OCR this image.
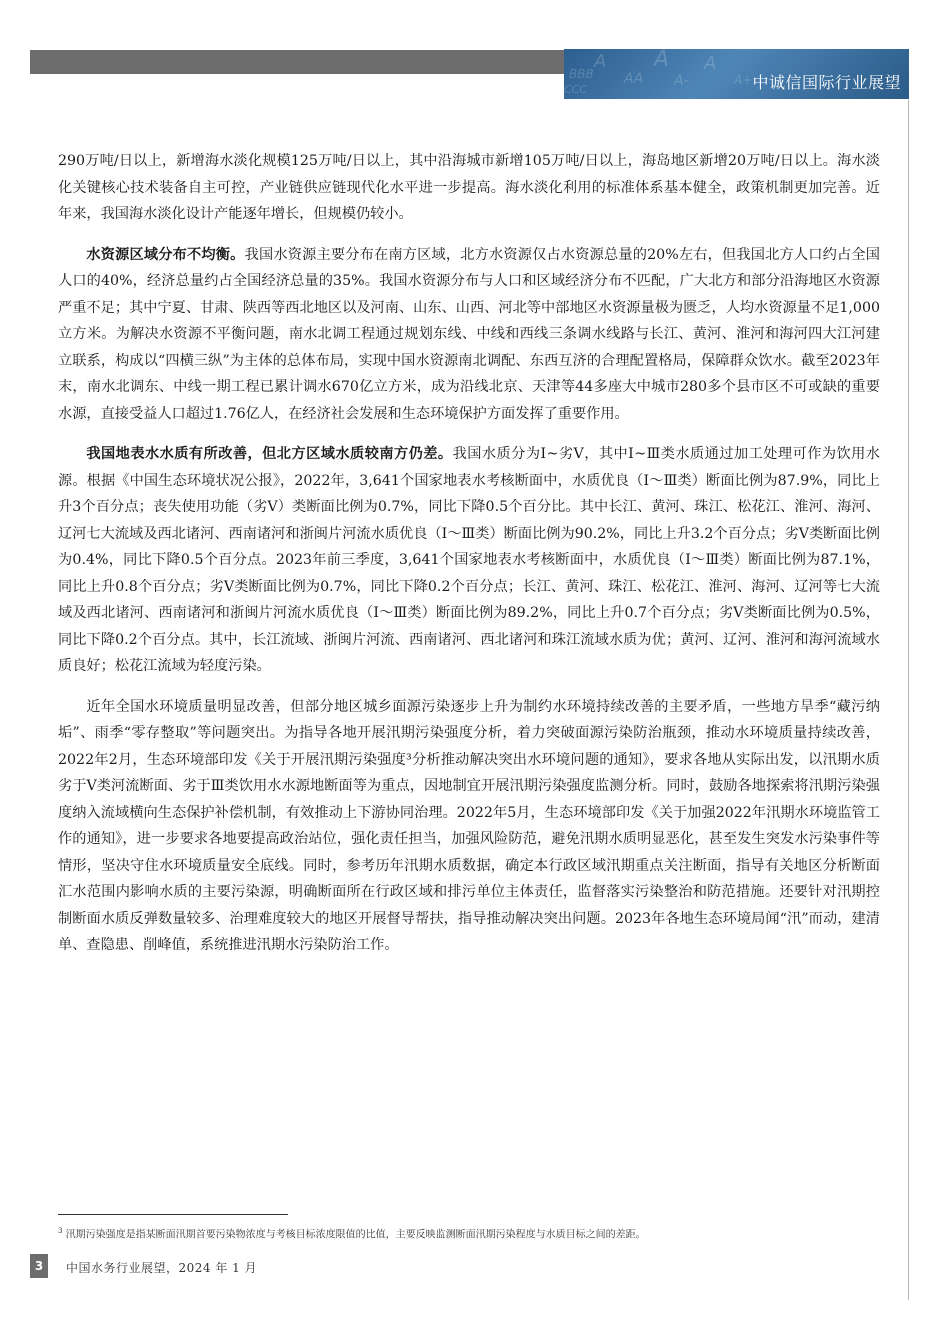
A A A
BBB AA A-
CCC
A+ 中诚信国际行业展望

290万吨/日以上，新增海水淡化规模125万吨/日以上，其中沿海城市新增105万吨/日以上，海岛地区新增20万吨/日以上。海水淡化关键核心技术装备自主可控，产业链供应链现代化水平进一步提高。海水淡化利用的标准体系基本健全，政策机制更加完善。近年来，我国海水淡化设计产能逐年增长，但规模仍较小。

水资源区域分布不均衡。我国水资源主要分布在南方区域，北方水资源仅占水资源总量的20%左右，但我国北方人口约占全国人口的40%，经济总量约占全国经济总量的35%。我国水资源分布与人口和区域经济分布不匹配，广大北方和部分沿海地区水资源严重不足；其中宁夏、甘肃、陕西等西北地区以及河南、山东、山西、河北等中部地区水资源量极为匮乏，人均水资源量不足1,000立方米。为解决水资源不平衡问题，南水北调工程通过规划东线、中线和西线三条调水线路与长江、黄河、淮河和海河四大江河建立联系，构成以“四横三纵”为主体的总体布局，实现中国水资源南北调配、东西互济的合理配置格局，保障群众饮水。截至2023年末，南水北调东、中线一期工程已累计调水670亿立方米，成为沿线北京、天津等44多座大中城市280多个县市区不可或缺的重要水源，直接受益人口超过1.76亿人，在经济社会发展和生态环境保护方面发挥了重要作用。

我国地表水水质有所改善，但北方区域水质较南方仍差。我国水质分为Ⅰ~劣Ⅴ，其中Ⅰ~Ⅲ类水质通过加工处理可作为饮用水源。根据《中国生态环境状况公报》，2022年，3,641个国家地表水考核断面中，水质优良（Ⅰ～Ⅲ类）断面比例为87.9%，同比上升3个百分点；丧失使用功能（劣Ⅴ）类断面比例为0.7%，同比下降0.5个百分比。其中长江、黄河、珠江、松花江、淮河、海河、辽河七大流域及西北诸河、西南诸河和浙闽片河流水质优良（Ⅰ～Ⅲ类）断面比例为90.2%，同比上升3.2个百分点；劣Ⅴ类断面比例为0.4%，同比下降0.5个百分点。2023年前三季度，3,641个国家地表水考核断面中，水质优良（Ⅰ～Ⅲ类）断面比例为87.1%，同比上升0.8个百分点；劣Ⅴ类断面比例为0.7%，同比下降0.2个百分点；长江、黄河、珠江、松花江、淮河、海河、辽河等七大流域及西北诸河、西南诸河和浙闽片河流水质优良（Ⅰ～Ⅲ类）断面比例为89.2%，同比上升0.7个百分点；劣Ⅴ类断面比例为0.5%，同比下降0.2个百分点。其中，长江流域、浙闽片河流、西南诸河、西北诸河和珠江流域水质为优；黄河、辽河、淮河和海河流域水质良好；松花江流域为轻度污染。

近年全国水环境质量明显改善，但部分地区城乡面源污染逐步上升为制约水环境持续改善的主要矛盾，一些地方旱季“藏污纳垢”、雨季“零存整取”等问题突出。为指导各地开展汛期污染强度分析，着力突破面源污染防治瓶颈，推动水环境质量持续改善，2022年2月，生态环境部印发《关于开展汛期污染强度³分析推动解决突出水环境问题的通知》，要求各地从实际出发，以汛期水质劣于Ⅴ类河流断面、劣于Ⅲ类饮用水水源地断面等为重点，因地制宜开展汛期污染强度监测分析。同时，鼓励各地探索将汛期污染强度纳入流域横向生态保护补偿机制，有效推动上下游协同治理。2022年5月，生态环境部印发《关于加强2022年汛期水环境监管工作的通知》，进一步要求各地要提高政治站位，强化责任担当，加强风险防范，避免汛期水质明显恶化，甚至发生突发水污染事件等情形，坚决守住水环境质量安全底线。同时，参考历年汛期水质数据，确定本行政区域汛期重点关注断面，指导有关地区分析断面汇水范围内影响水质的主要污染源，明确断面所在行政区域和排污单位主体责任，监督落实污染整治和防范措施。还要针对汛期控制断面水质反弹数量较多、治理难度较大的地区开展督导帮扶，指导推动解决突出问题。2023年各地生态环境局闻“汛”而动，建清单、查隐患、削峰值，系统推进汛期水污染防治工作。

$^3$ 汛期污染强度是指某断面汛期首要污染物浓度与考核目标浓度限值的比值，主要反映监测断面汛期污染程度与水质目标之间的差距。
3	中国水务行业展望，2024 年 1 月
